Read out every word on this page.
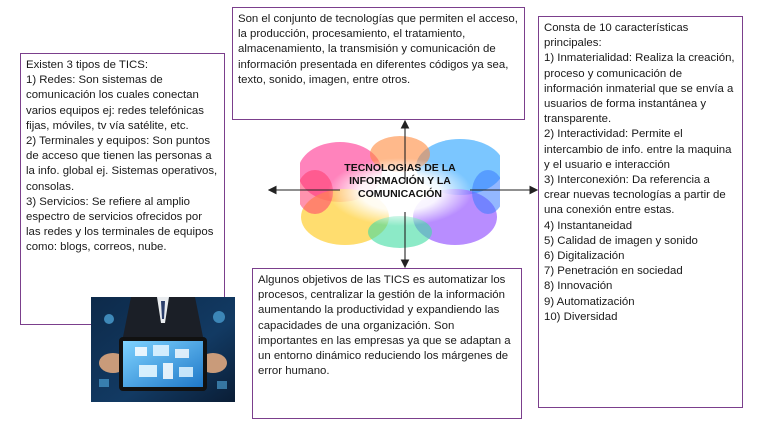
TECNOLOGIAS DE LA
INFORMACIÓN Y LA
COMUNICACIÓN

Son el conjunto de tecnologías que permiten el acceso, la producción, procesamiento, el tratamiento, almacenamiento, la transmisión y comunicación de información presentada en diferentes códigos ya sea, texto, sonido, imagen, entre otros.

Existen 3 tipos de TICS:

1) Redes: Son sistemas de comunicación los cuales conectan varios equipos ej: redes telefónicas fijas, móviles, tv vía satélite, etc.

2) Terminales y equipos: Son puntos de acceso que tienen las personas a la info. global ej. Sistemas operativos, consolas.

3) Servicios: Se refiere al amplio espectro de servicios ofrecidos por las redes y los terminales de equipos como: blogs, correos, nube.

Consta de 10 características principales:

1) Inmaterialidad: Realiza la creación, proceso y comunicación de información inmaterial que se envía a usuarios de forma instantánea y transparente.

2) Interactividad: Permite el intercambio de info. entre la maquina y el usuario e interacción

3) Interconexión: Da referencia a crear nuevas tecnologías a partir de una conexión entre estas.

4) Instantaneidad

5) Calidad de imagen y sonido

6) Digitalización

7) Penetración en sociedad

8) Innovación

9) Automatización

10) Diversidad

Algunos objetivos de las TICS es automatizar los procesos, centralizar la gestión de la información aumentando la productividad y expandiendo las capacidades de una organización. Son importantes en las empresas ya que se adaptan a un entorno dinámico reduciendo los márgenes de error humano.
